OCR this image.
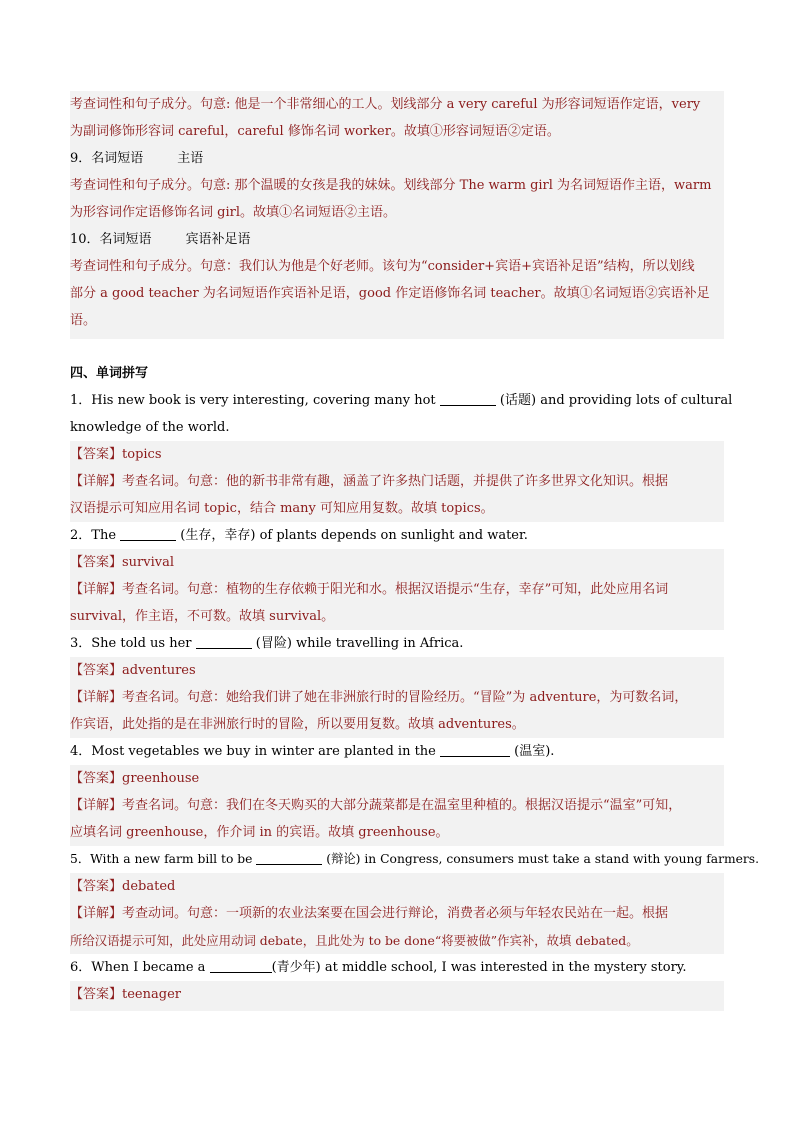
考查词性和句子成分。句意: 他是一个非常细心的工人。划线部分 a very careful 为形容词短语作定语，very
为副词修饰形容词 careful，careful 修饰名词 worker。故填①形容词短语②定语。
9．名词短语	主语
考查词性和句子成分。句意: 那个温暖的女孩是我的妹妹。划线部分 The warm girl 为名词短语作主语，warm
为形容词作定语修饰名词 girl。故填①名词短语②主语。
10．名词短语	宾语补足语
考查词性和句子成分。句意：我们认为他是个好老师。该句为“consider+宾语+宾语补足语”结构，所以划线
部分 a good teacher 为名词短语作宾语补足语，good 作定语修饰名词 teacher。故填①名词短语②宾语补足
语。
四、单词拼写
1．His new book is very interesting, covering many hot	(话题) and providing lots of cultural
knowledge of the world.
【答案】topics
【详解】考查名词。句意：他的新书非常有趣，涵盖了许多热门话题，并提供了许多世界文化知识。根据
汉语提示可知应用名词 topic，结合 many 可知应用复数。故填 topics。
2．The	(生存，幸存) of plants depends on sunlight and water.
【答案】survival
【详解】考查名词。句意：植物的生存依赖于阳光和水。根据汉语提示“生存，幸存”可知，此处应用名词
survival，作主语，不可数。故填 survival。
3．She told us her	(冒险) while travelling in Africa.
【答案】adventures
【详解】考查名词。句意：她给我们讲了她在非洲旅行时的冒险经历。“冒险”为 adventure，为可数名词，
作宾语，此处指的是在非洲旅行时的冒险，所以要用复数。故填 adventures。
4．Most vegetables we buy in winter are planted in the	(温室).
【答案】greenhouse
【详解】考查名词。句意：我们在冬天购买的大部分蔬菜都是在温室里种植的。根据汉语提示“温室”可知，
应填名词 greenhouse，作介词 in 的宾语。故填 greenhouse。
5．With a new farm bill to be	(辩论) in Congress, consumers must take a stand with young farmers.
【答案】debated
【详解】考查动词。句意：一项新的农业法案要在国会进行辩论，消费者必须与年轻农民站在一起。根据
所给汉语提示可知，此处应用动词 debate，且此处为 to be done“将要被做”作宾补，故填 debated。
6．When I became a	(青少年) at middle school, I was interested in the mystery story.
【答案】teenager
